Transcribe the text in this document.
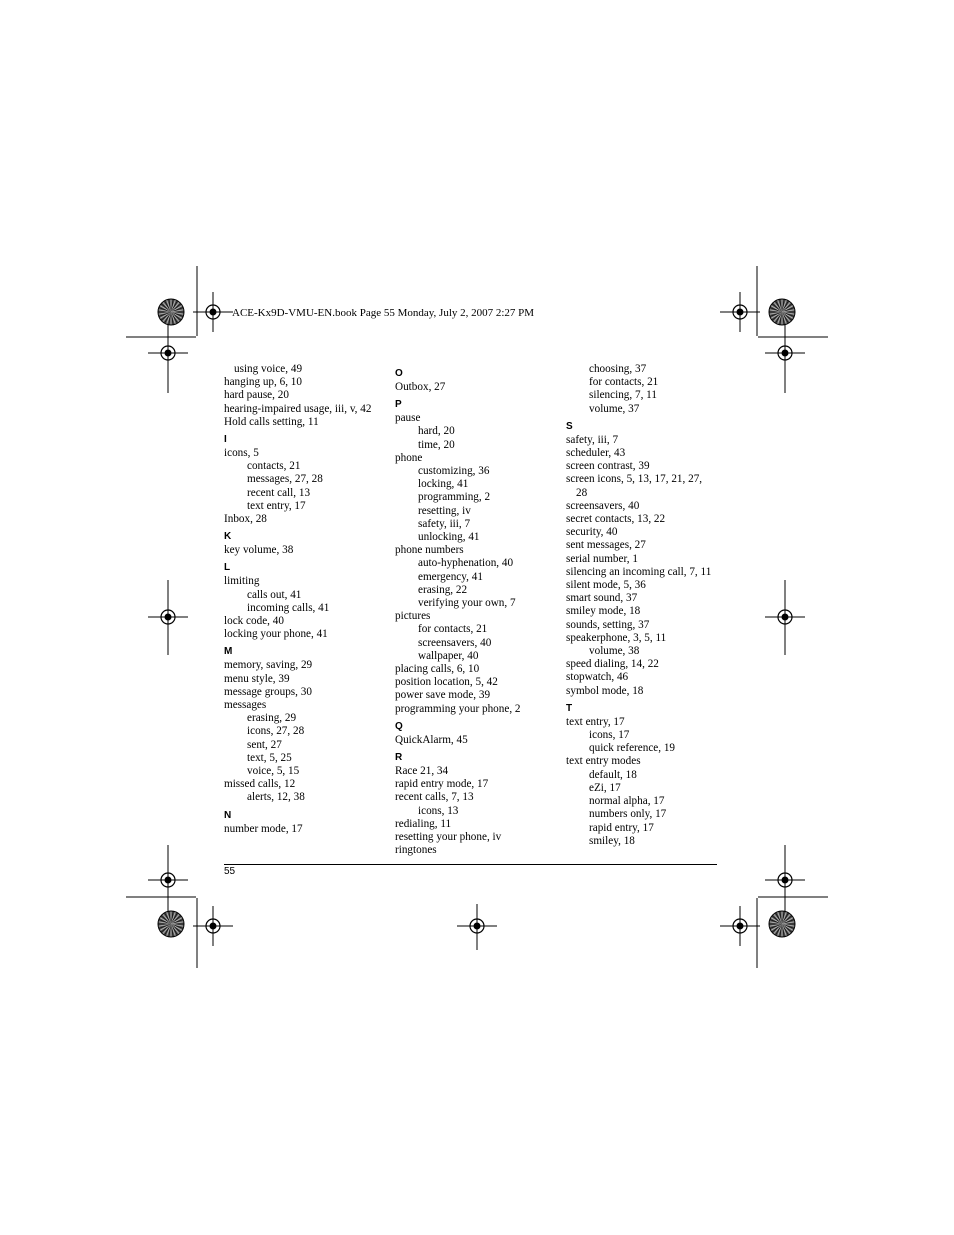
ACE-Kx9D-VMU-EN.book Page 55 Monday, July 2, 2007 2:27 PM
using voice, 49
hanging up, 6, 10
hard pause, 20
hearing-impaired usage, iii, v, 42
Hold calls setting, 11
I
icons, 5
contacts, 21
messages, 27, 28
recent call, 13
text entry, 17
Inbox, 28
K
key volume, 38
L
limiting
calls out, 41
incoming calls, 41
lock code, 40
locking your phone, 41
M
memory, saving, 29
menu style, 39
message groups, 30
messages
erasing, 29
icons, 27, 28
sent, 27
text, 5, 25
voice, 5, 15
missed calls, 12
alerts, 12, 38
N
number mode, 17
O
Outbox, 27
P
pause
hard, 20
time, 20
phone
customizing, 36
locking, 41
programming, 2
resetting, iv
safety, iii, 7
unlocking, 41
phone numbers
auto-hyphenation, 40
emergency, 41
erasing, 22
verifying your own, 7
pictures
for contacts, 21
screensavers, 40
wallpaper, 40
placing calls, 6, 10
position location, 5, 42
power save mode, 39
programming your phone, 2
Q
QuickAlarm, 45
R
Race 21, 34
rapid entry mode, 17
recent calls, 7, 13
icons, 13
redialing, 11
resetting your phone, iv
ringtones
choosing, 37
for contacts, 21
silencing, 7, 11
volume, 37
S
safety, iii, 7
scheduler, 43
screen contrast, 39
screen icons, 5, 13, 17, 21, 27,
28
screensavers, 40
secret contacts, 13, 22
security, 40
sent messages, 27
serial number, 1
silencing an incoming call, 7, 11
silent mode, 5, 36
smart sound, 37
smiley mode, 18
sounds, setting, 37
speakerphone, 3, 5, 11
volume, 38
speed dialing, 14, 22
stopwatch, 46
symbol mode, 18
T
text entry, 17
icons, 17
quick reference, 19
text entry modes
default, 18
eZi, 17
normal alpha, 17
numbers only, 17
rapid entry, 17
smiley, 18
55
